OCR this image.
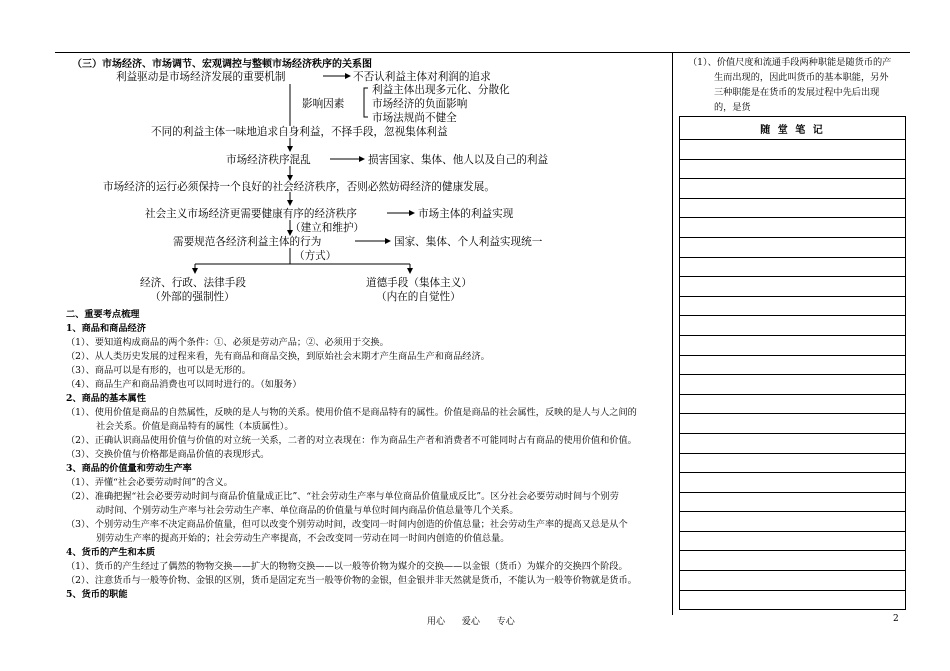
（三）市场经济、市场调节、宏观调控与整顿市场经济秩序的关系图
利益驱动是市场经济发展的重要机制	不否认利益主体对利润的追求
影响因素
利益主体出现多元化、分散化
市场经济的负面影响
市场法规尚不健全
不同的利益主体一味地追求自身利益，不择手段，忽视集体利益
市场经济秩序混乱	损害国家、集体、他人以及自己的利益
市场经济的运行必须保持一个良好的社会经济秩序，否则必然妨碍经济的健康发展。
社会主义市场经济更需要健康有序的经济秩序	市场主体的利益实现
（建立和维护）
需要规范各经济利益主体的行为	国家、集体、个人利益实现统一
（方式）
经济、行政、法律手段
（外部的强制性）
道德手段（集体主义）
（内在的自觉性）
二、重要考点梳理
1、商品和商品经济
（1）、要知道构成商品的两个条件：①、必须是劳动产品；②、必须用于交换。
（2）、从人类历史发展的过程来看，先有商品和商品交换，到原始社会末期才产生商品生产和商品经济。
（3）、商品可以是有形的，也可以是无形的。
（4）、商品生产和商品消费也可以同时进行的。（如服务）
2、商品的基本属性
（1）、使用价值是商品的自然属性，反映的是人与物的关系。使用价值不是商品特有的属性。价值是商品的社会属性，反映的是人与人之间的
社会关系。价值是商品特有的属性（本质属性）。
（2）、正确认识商品使用价值与价值的对立统一关系，二者的对立表现在：作为商品生产者和消费者不可能同时占有商品的使用价值和价值。
（3）、交换价值与价格都是商品价值的表现形式。
3、商品的价值量和劳动生产率
（1）、弄懂“社会必要劳动时间”的含义。
（2）、准确把握“社会必要劳动时间与商品价值量成正比”、“社会劳动生产率与单位商品价值量成反比”。区分社会必要劳动时间与个别劳
动时间、个别劳动生产率与社会劳动生产率、单位商品的价值量与单位时间内商品价值总量等几个关系。
（3）、个别劳动生产率不决定商品价值量，但可以改变个别劳动时间，改变同一时间内创造的价值总量；社会劳动生产率的提高又总是从个
别劳动生产率的提高开始的；社会劳动生产率提高，不会改变同一劳动在同一时间内创造的价值总量。
4、货币的产生和本质
（1）、货币的产生经过了偶然的物物交换——扩大的物物交换——以一般等价物为媒介的交换——以金银（货币）为媒介的交换四个阶段。
（2）、注意货币与一般等价物、金银的区别，货币是固定充当一般等价物的金银，但金银并非天然就是货币，不能认为一般等价物就是货币。
5、货币的职能
（1）、价值尺度和流通手段两种职能是随货币的产
生而出现的，因此叫货币的基本职能，另外
三种职能是在货币的发展过程中先后出现
的，是货
随 堂 笔 记

用心 爱心 专心	2
